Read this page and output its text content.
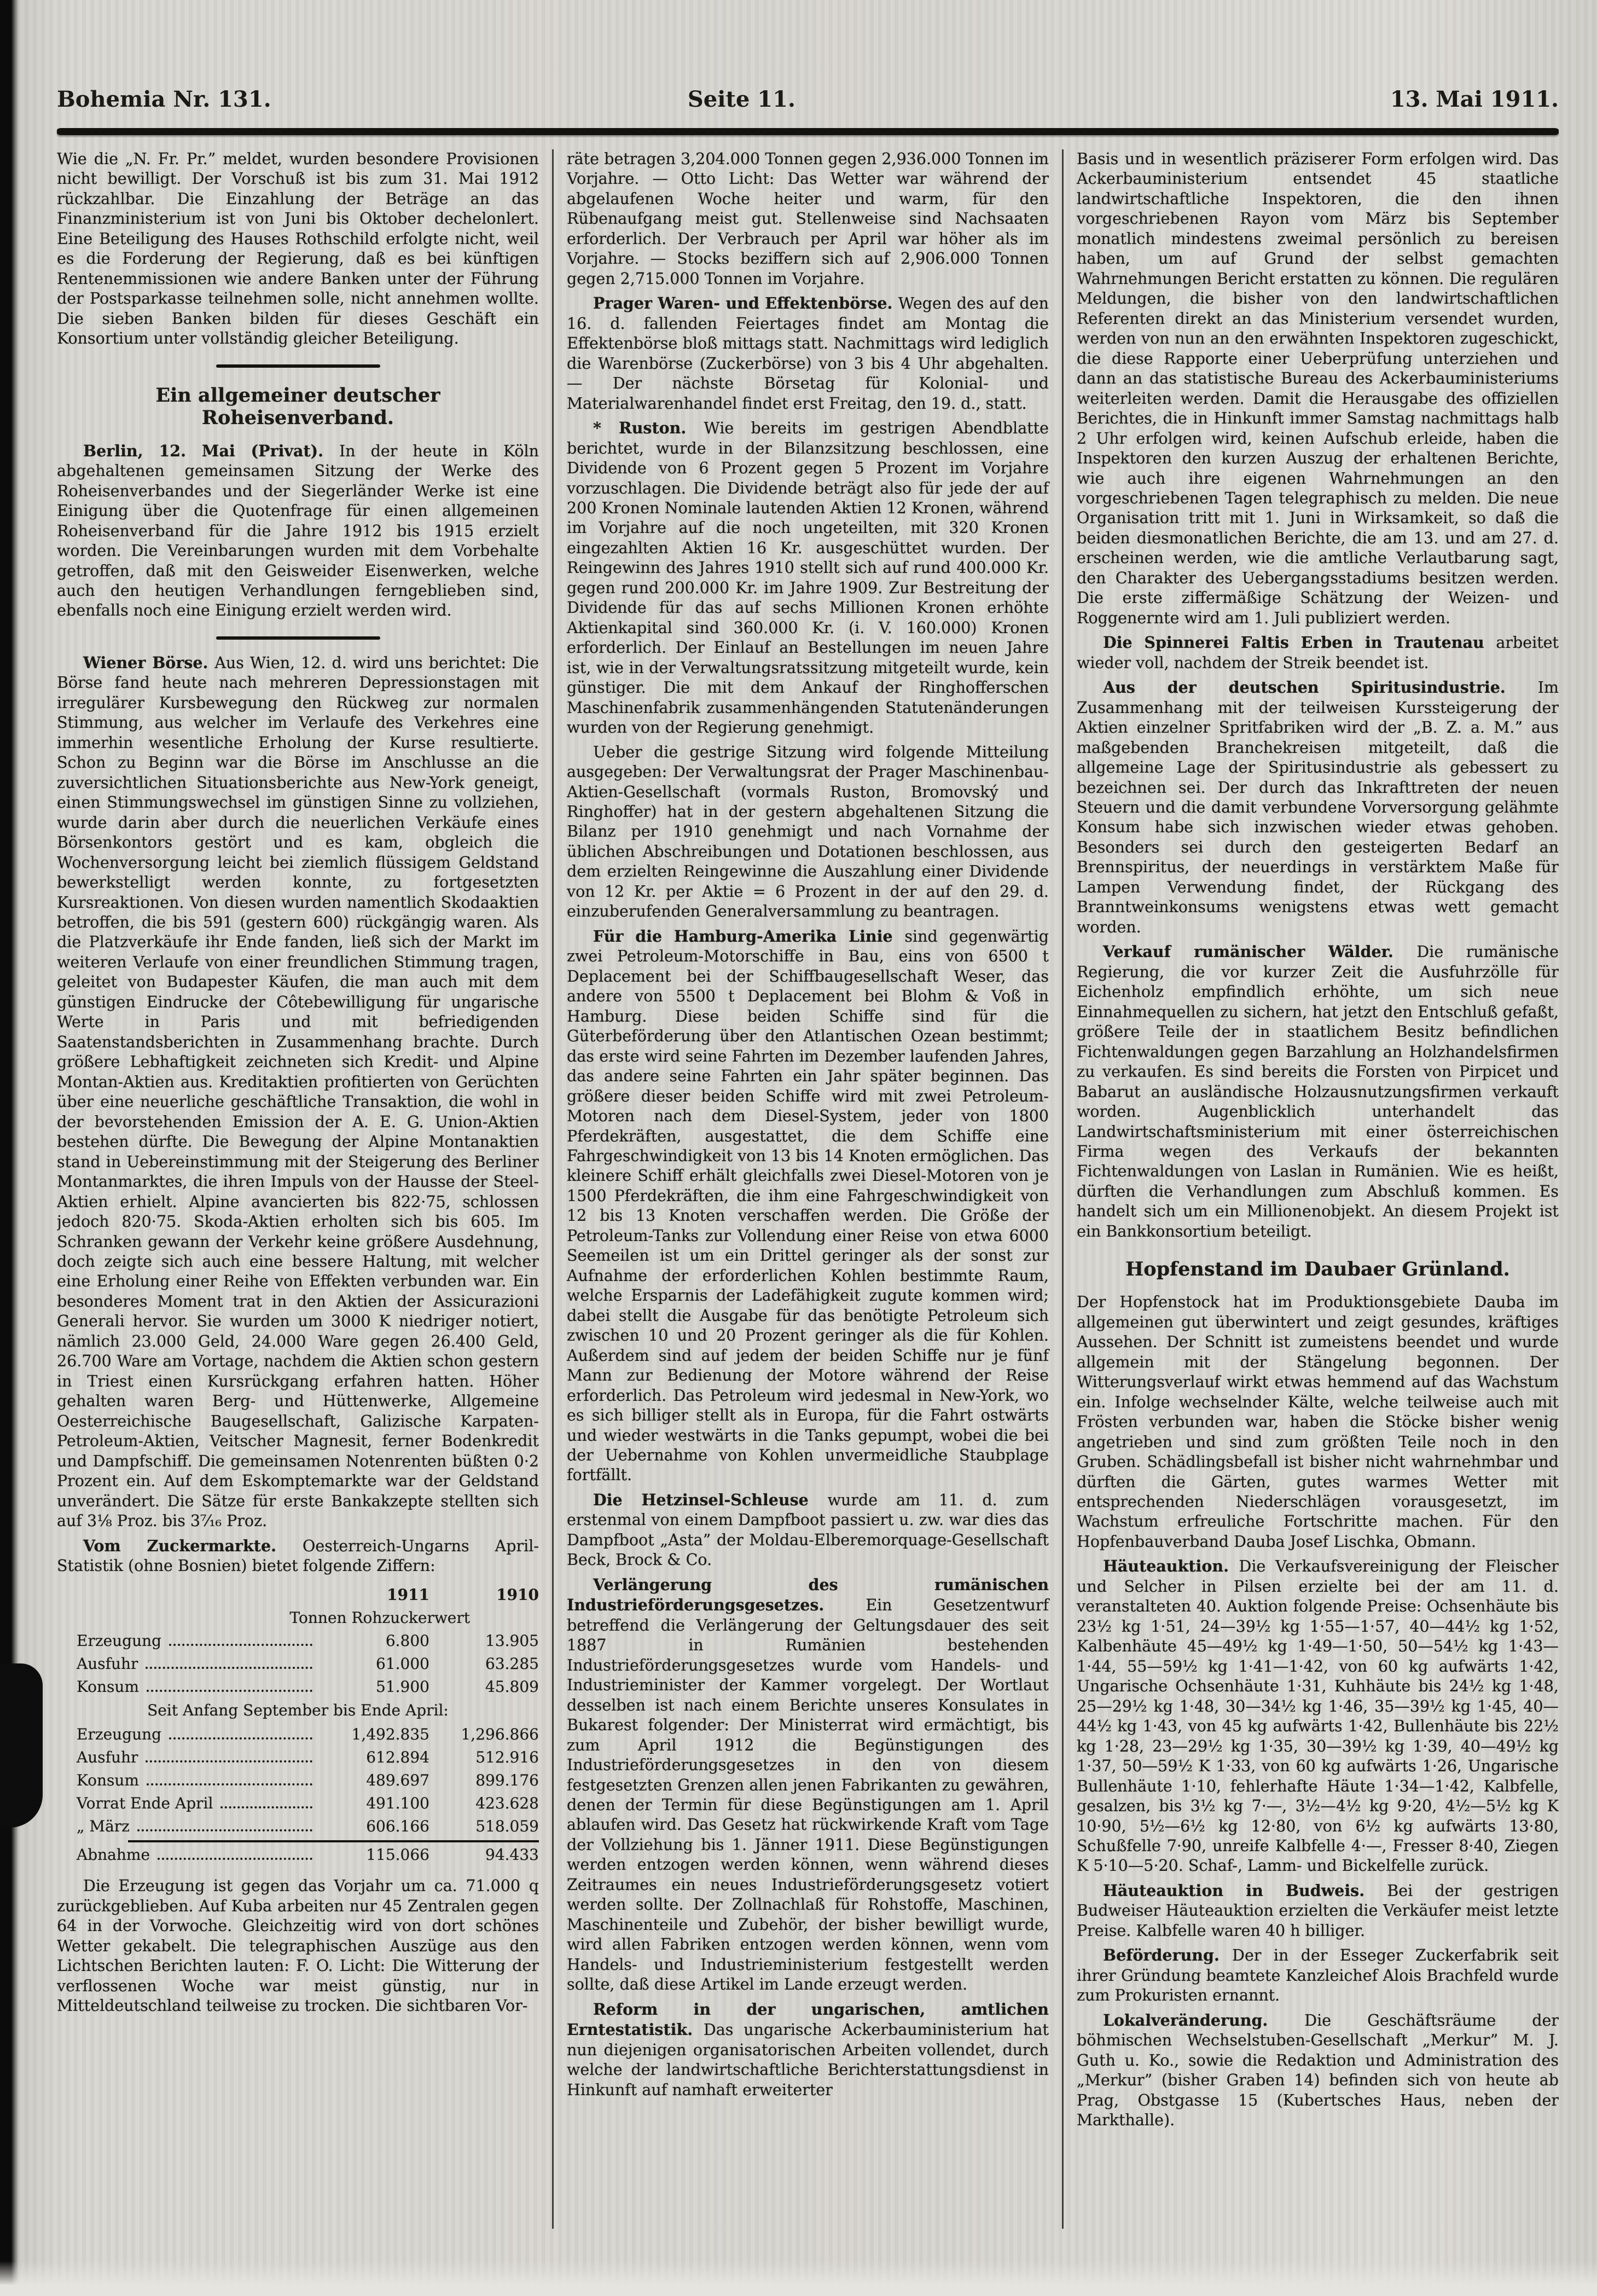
Bohemia Nr. 131.	Seite 11.	13. Mai 1911.

Wie die „N. Fr. Pr.” meldet, wurden besondere Provisionen nicht bewilligt. Der Vorschuß ist bis zum 31. Mai 1912 rückzahlbar. Die Einzahlung der Beträge an das Finanzministerium ist von Juni bis Oktober dechelonlert. Eine Beteiligung des Hauses Rothschild erfolgte nicht, weil es die Forderung der Regierung, daß es bei künftigen Rentenemmissionen wie andere Banken unter der Führung der Postsparkasse teilnehmen solle, nicht annehmen wollte. Die sieben Banken bilden für dieses Geschäft ein Konsortium unter vollständig gleicher Beteiligung.

Ein allgemeiner deutscher Roheisenverband.

Berlin, 12. Mai (Privat). In der heute in Köln abgehaltenen gemeinsamen Sitzung der Werke des Roheisenverbandes und der Siegerländer Werke ist eine Einigung über die Quotenfrage für einen allgemeinen Roheisenverband für die Jahre 1912 bis 1915 erzielt worden. Die Vereinbarungen wurden mit dem Vorbehalte getroffen, daß mit den Geisweider Eisenwerken, welche auch den heutigen Verhandlungen ferngeblieben sind, ebenfalls noch eine Einigung erzielt werden wird.

Wiener Börse. Aus Wien, 12. d. wird uns berichtet: Die Börse fand heute nach mehreren Depressionstagen mit irregulärer Kursbewegung den Rückweg zur normalen Stimmung, aus welcher im Verlaufe des Verkehres eine immerhin wesentliche Erholung der Kurse resultierte. Schon zu Beginn war die Börse im Anschlusse an die zuversichtlichen Situationsberichte aus New-York geneigt, einen Stimmungswechsel im günstigen Sinne zu vollziehen, wurde darin aber durch die neuerlichen Verkäufe eines Börsenkontors gestört und es kam, obgleich die Wochenversorgung leicht bei ziemlich flüssigem Geldstand bewerkstelligt werden konnte, zu fortgesetzten Kursreaktionen. Von diesen wurden namentlich Skodaaktien betroffen, die bis 591 (gestern 600) rückgängig waren. Als die Platzverkäufe ihr Ende fanden, ließ sich der Markt im weiteren Verlaufe von einer freundlichen Stimmung tragen, geleitet von Budapester Käufen, die man auch mit dem günstigen Eindrucke der Côtebewilligung für ungarische Werte in Paris und mit befriedigenden Saatenstandsberichten in Zusammenhang brachte. Durch größere Lebhaftigkeit zeichneten sich Kredit- und Alpine Montan-Aktien aus. Kreditaktien profitierten von Gerüchten über eine neuerliche geschäftliche Transaktion, die wohl in der bevorstehenden Emission der A. E. G. Union-Aktien bestehen dürfte. Die Bewegung der Alpine Montanaktien stand in Uebereinstimmung mit der Steigerung des Berliner Montanmarktes, die ihren Impuls von der Hausse der Steel-Aktien erhielt. Alpine avancierten bis 822·75, schlossen jedoch 820·75. Skoda-Aktien erholten sich bis 605. Im Schranken gewann der Verkehr keine größere Ausdehnung, doch zeigte sich auch eine bessere Haltung, mit welcher eine Erholung einer Reihe von Effekten verbunden war. Ein besonderes Moment trat in den Aktien der Assicurazioni Generali hervor. Sie wurden um 3000 K niedriger notiert, nämlich 23.000 Geld, 24.000 Ware gegen 26.400 Geld, 26.700 Ware am Vortage, nachdem die Aktien schon gestern in Triest einen Kursrückgang erfahren hatten. Höher gehalten waren Berg- und Hüttenwerke, Allgemeine Oesterreichische Baugesellschaft, Galizische Karpaten-Petroleum-Aktien, Veitscher Magnesit, ferner Bodenkredit und Dampfschiff. Die gemeinsamen Notenrenten büßten 0·2 Prozent ein. Auf dem Eskomptemarkte war der Geldstand unverändert. Die Sätze für erste Bankakzepte stellten sich auf 3⅛ Proz. bis 3⁷⁄₁₆ Proz.

Vom Zuckermarkte. Oesterreich-Ungarns April-Statistik (ohne Bosnien) bietet folgende Ziffern:

1911	1910
Tonnen Rohzuckerwert
Erzeugung	6.800	13.905
Ausfuhr	61.000	63.285
Konsum	51.900	45.809
Seit Anfang September bis Ende April:
Erzeugung	1,492.835	1,296.866
Ausfuhr	612.894	512.916
Konsum	489.697	899.176
Vorrat Ende April	491.100	423.628
„ März	606.166	518.059
Abnahme	115.066	94.433

Die Erzeugung ist gegen das Vorjahr um ca. 71.000 q zurückgeblieben. Auf Kuba arbeiten nur 45 Zentralen gegen 64 in der Vorwoche. Gleichzeitig wird von dort schönes Wetter gekabelt. Die telegraphischen Auszüge aus den Lichtschen Berichten lauten: F. O. Licht: Die Witterung der verflossenen Woche war meist günstig, nur in Mitteldeutschland teilweise zu trocken. Die sichtbaren Vor-

räte betragen 3,204.000 Tonnen gegen 2,936.000 Tonnen im Vorjahre. — Otto Licht: Das Wetter war während der abgelaufenen Woche heiter und warm, für den Rübenaufgang meist gut. Stellenweise sind Nachsaaten erforderlich. Der Verbrauch per April war höher als im Vorjahre. — Stocks beziffern sich auf 2,906.000 Tonnen gegen 2,715.000 Tonnen im Vorjahre.

Prager Waren- und Effektenbörse. Wegen des auf den 16. d. fallenden Feiertages findet am Montag die Effektenbörse bloß mittags statt. Nachmittags wird lediglich die Warenbörse (Zuckerbörse) von 3 bis 4 Uhr abgehalten. — Der nächste Börsetag für Kolonial- und Materialwarenhandel findet erst Freitag, den 19. d., statt.

* Ruston. Wie bereits im gestrigen Abendblatte berichtet, wurde in der Bilanzsitzung beschlossen, eine Dividende von 6 Prozent gegen 5 Prozent im Vorjahre vorzuschlagen. Die Dividende beträgt also für jede der auf 200 Kronen Nominale lautenden Aktien 12 Kronen, während im Vorjahre auf die noch ungeteilten, mit 320 Kronen eingezahlten Aktien 16 Kr. ausgeschüttet wurden. Der Reingewinn des Jahres 1910 stellt sich auf rund 400.000 Kr. gegen rund 200.000 Kr. im Jahre 1909. Zur Bestreitung der Dividende für das auf sechs Millionen Kronen erhöhte Aktienkapital sind 360.000 Kr. (i. V. 160.000) Kronen erforderlich. Der Einlauf an Bestellungen im neuen Jahre ist, wie in der Verwaltungsratssitzung mitgeteilt wurde, kein günstiger. Die mit dem Ankauf der Ringhofferschen Maschinenfabrik zusammenhängenden Statutenänderungen wurden von der Regierung genehmigt.

Ueber die gestrige Sitzung wird folgende Mitteilung ausgegeben: Der Verwaltungsrat der Prager Maschinenbau-Aktien-Gesellschaft (vormals Ruston, Bromovský und Ringhoffer) hat in der gestern abgehaltenen Sitzung die Bilanz per 1910 genehmigt und nach Vornahme der üblichen Abschreibungen und Dotationen beschlossen, aus dem erzielten Reingewinne die Auszahlung einer Dividende von 12 Kr. per Aktie = 6 Prozent in der auf den 29. d. einzuberufenden Generalversammlung zu beantragen.

Für die Hamburg-Amerika Linie sind gegenwärtig zwei Petroleum-Motorschiffe in Bau, eins von 6500 t Deplacement bei der Schiffbaugesellschaft Weser, das andere von 5500 t Deplacement bei Blohm & Voß in Hamburg. Diese beiden Schiffe sind für die Güterbeförderung über den Atlantischen Ozean bestimmt; das erste wird seine Fahrten im Dezember laufenden Jahres, das andere seine Fahrten ein Jahr später beginnen. Das größere dieser beiden Schiffe wird mit zwei Petroleum-Motoren nach dem Diesel-System, jeder von 1800 Pferdekräften, ausgestattet, die dem Schiffe eine Fahrgeschwindigkeit von 13 bis 14 Knoten ermöglichen. Das kleinere Schiff erhält gleichfalls zwei Diesel-Motoren von je 1500 Pferdekräften, die ihm eine Fahrgeschwindigkeit von 12 bis 13 Knoten verschaffen werden. Die Größe der Petroleum-Tanks zur Vollendung einer Reise von etwa 6000 Seemeilen ist um ein Drittel geringer als der sonst zur Aufnahme der erforderlichen Kohlen bestimmte Raum, welche Ersparnis der Ladefähigkeit zugute kommen wird; dabei stellt die Ausgabe für das benötigte Petroleum sich zwischen 10 und 20 Prozent geringer als die für Kohlen. Außerdem sind auf jedem der beiden Schiffe nur je fünf Mann zur Bedienung der Motore während der Reise erforderlich. Das Petroleum wird jedesmal in New-York, wo es sich billiger stellt als in Europa, für die Fahrt ostwärts und wieder westwärts in die Tanks gepumpt, wobei die bei der Uebernahme von Kohlen unvermeidliche Staubplage fortfällt.

Die Hetzinsel-Schleuse wurde am 11. d. zum erstenmal von einem Dampfboot passiert u. zw. war dies das Dampfboot „Asta” der Moldau-Elberemorquage-Gesellschaft Beck, Brock & Co.

Verlängerung des rumänischen Industrieförderungsgesetzes. Ein Gesetzentwurf betreffend die Verlängerung der Geltungsdauer des seit 1887 in Rumänien bestehenden Industrieförderungsgesetzes wurde vom Handels- und Industrieminister der Kammer vorgelegt. Der Wortlaut desselben ist nach einem Berichte unseres Konsulates in Bukarest folgender: Der Ministerrat wird ermächtigt, bis zum April 1912 die Begünstigungen des Industrieförderungsgesetzes in den von diesem festgesetzten Grenzen allen jenen Fabrikanten zu gewähren, denen der Termin für diese Begünstigungen am 1. April ablaufen wird. Das Gesetz hat rückwirkende Kraft vom Tage der Vollziehung bis 1. Jänner 1911. Diese Begünstigungen werden entzogen werden können, wenn während dieses Zeitraumes ein neues Industrieförderungsgesetz votiert werden sollte. Der Zollnachlaß für Rohstoffe, Maschinen, Maschinenteile und Zubehör, der bisher bewilligt wurde, wird allen Fabriken entzogen werden können, wenn vom Handels- und Industrieministerium festgestellt werden sollte, daß diese Artikel im Lande erzeugt werden.

Reform in der ungarischen, amtlichen Erntestatistik. Das ungarische Ackerbauministerium hat nun diejenigen organisatorischen Arbeiten vollendet, durch welche der landwirtschaftliche Berichterstattungsdienst in Hinkunft auf namhaft erweiterter

Basis und in wesentlich präziserer Form erfolgen wird. Das Ackerbauministerium entsendet 45 staatliche landwirtschaftliche Inspektoren, die den ihnen vorgeschriebenen Rayon vom März bis September monatlich mindestens zweimal persönlich zu bereisen haben, um auf Grund der selbst gemachten Wahrnehmungen Bericht erstatten zu können. Die regulären Meldungen, die bisher von den landwirtschaftlichen Referenten direkt an das Ministerium versendet wurden, werden von nun an den erwähnten Inspektoren zugeschickt, die diese Rapporte einer Ueberprüfung unterziehen und dann an das statistische Bureau des Ackerbauministeriums weiterleiten werden. Damit die Herausgabe des offiziellen Berichtes, die in Hinkunft immer Samstag nachmittags halb 2 Uhr erfolgen wird, keinen Aufschub erleide, haben die Inspektoren den kurzen Auszug der erhaltenen Berichte, wie auch ihre eigenen Wahrnehmungen an den vorgeschriebenen Tagen telegraphisch zu melden. Die neue Organisation tritt mit 1. Juni in Wirksamkeit, so daß die beiden diesmonatlichen Berichte, die am 13. und am 27. d. erscheinen werden, wie die amtliche Verlautbarung sagt, den Charakter des Uebergangsstadiums besitzen werden. Die erste ziffermäßige Schätzung der Weizen- und Roggenernte wird am 1. Juli publiziert werden.

Die Spinnerei Faltis Erben in Trautenau arbeitet wieder voll, nachdem der Streik beendet ist.

Aus der deutschen Spiritusindustrie. Im Zusammenhang mit der teilweisen Kurssteigerung der Aktien einzelner Spritfabriken wird der „B. Z. a. M.” aus maßgebenden Branchekreisen mitgeteilt, daß die allgemeine Lage der Spiritusindustrie als gebessert zu bezeichnen sei. Der durch das Inkrafttreten der neuen Steuern und die damit verbundene Vorversorgung gelähmte Konsum habe sich inzwischen wieder etwas gehoben. Besonders sei durch den gesteigerten Bedarf an Brennspiritus, der neuerdings in verstärktem Maße für Lampen Verwendung findet, der Rückgang des Branntweinkonsums wenigstens etwas wett gemacht worden.

Verkauf rumänischer Wälder. Die rumänische Regierung, die vor kurzer Zeit die Ausfuhrzölle für Eichenholz empfindlich erhöhte, um sich neue Einnahmequellen zu sichern, hat jetzt den Entschluß gefaßt, größere Teile der in staatlichem Besitz befindlichen Fichtenwaldungen gegen Barzahlung an Holzhandelsfirmen zu verkaufen. Es sind bereits die Forsten von Pirpicet und Babarut an ausländische Holzausnutzungsfirmen verkauft worden. Augenblicklich unterhandelt das Landwirtschaftsministerium mit einer österreichischen Firma wegen des Verkaufs der bekannten Fichtenwaldungen von Laslan in Rumänien. Wie es heißt, dürften die Verhandlungen zum Abschluß kommen. Es handelt sich um ein Millionenobjekt. An diesem Projekt ist ein Bankkonsortium beteiligt.

Hopfenstand im Daubaer Grünland.

Der Hopfenstock hat im Produktionsgebiete Dauba im allgemeinen gut überwintert und zeigt gesundes, kräftiges Aussehen. Der Schnitt ist zumeistens beendet und wurde allgemein mit der Stängelung begonnen. Der Witterungsverlauf wirkt etwas hemmend auf das Wachstum ein. Infolge wechselnder Kälte, welche teilweise auch mit Frösten verbunden war, haben die Stöcke bisher wenig angetrieben und sind zum größten Teile noch in den Gruben. Schädlingsbefall ist bisher nicht wahrnehmbar und dürften die Gärten, gutes warmes Wetter mit entsprechenden Niederschlägen vorausgesetzt, im Wachstum erfreuliche Fortschritte machen. Für den Hopfenbauverband Dauba Josef Lischka, Obmann.

Häuteauktion. Die Verkaufsvereinigung der Fleischer und Selcher in Pilsen erzielte bei der am 11. d. veranstalteten 40. Auktion folgende Preise: Ochsenhäute bis 23½ kg 1·51, 24—39½ kg 1·55—1·57, 40—44½ kg 1·52, Kalbenhäute 45—49½ kg 1·49—1·50, 50—54½ kg 1·43—1·44, 55—59½ kg 1·41—1·42, von 60 kg aufwärts 1·42, Ungarische Ochsenhäute 1·31, Kuhhäute bis 24½ kg 1·48, 25—29½ kg 1·48, 30—34½ kg 1·46, 35—39½ kg 1·45, 40—44½ kg 1·43, von 45 kg aufwärts 1·42, Bullenhäute bis 22½ kg 1·28, 23—29½ kg 1·35, 30—39½ kg 1·39, 40—49½ kg 1·37, 50—59½ K 1·33, von 60 kg aufwärts 1·26, Ungarische Bullenhäute 1·10, fehlerhafte Häute 1·34—1·42, Kalbfelle, gesalzen, bis 3½ kg 7·—, 3½—4½ kg 9·20, 4½—5½ kg K 10·90, 5½—6½ kg 12·80, von 6½ kg aufwärts 13·80, Schußfelle 7·90, unreife Kalbfelle 4·—, Fresser 8·40, Ziegen K 5·10—5·20. Schaf-, Lamm- und Bickelfelle zurück.

Häuteauktion in Budweis. Bei der gestrigen Budweiser Häuteauktion erzielten die Verkäufer meist letzte Preise. Kalbfelle waren 40 h billiger.

Beförderung. Der in der Esseger Zuckerfabrik seit ihrer Gründung beamtete Kanzleichef Alois Brachfeld wurde zum Prokuristen ernannt.

Lokalveränderung. Die Geschäftsräume der böhmischen Wechselstuben-Gesellschaft „Merkur” M. J. Guth u. Ko., sowie die Redaktion und Administration des „Merkur” (bisher Graben 14) befinden sich von heute ab Prag, Obstgasse 15 (Kubertsches Haus, neben der Markthalle).
